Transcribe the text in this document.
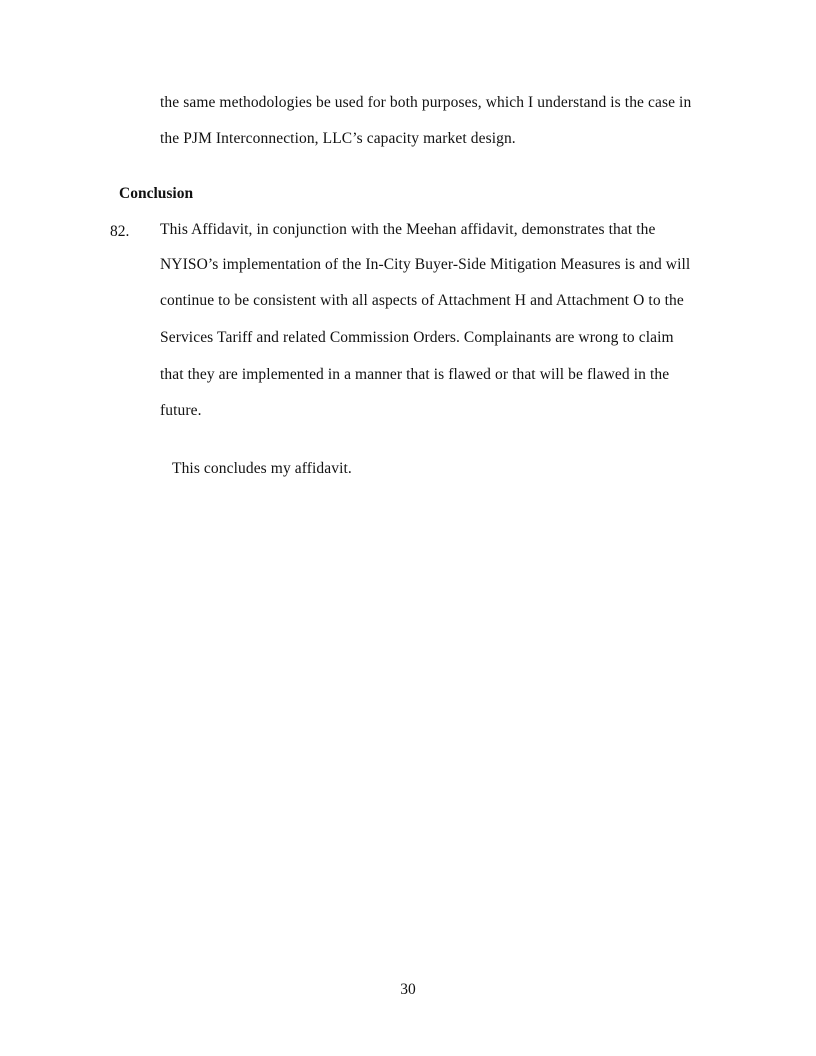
the same methodologies be used for both purposes, which I understand is the case in
the PJM Interconnection, LLC’s capacity market design.
Conclusion
82. This Affidavit, in conjunction with the Meehan affidavit, demonstrates that the
NYISO’s implementation of the In-City Buyer-Side Mitigation Measures is and will
continue to be consistent with all aspects of Attachment H and Attachment O to the
Services Tariff and related Commission Orders. Complainants are wrong to claim
that they are implemented in a manner that is flawed or that will be flawed in the
future.
This concludes my affidavit.
30
